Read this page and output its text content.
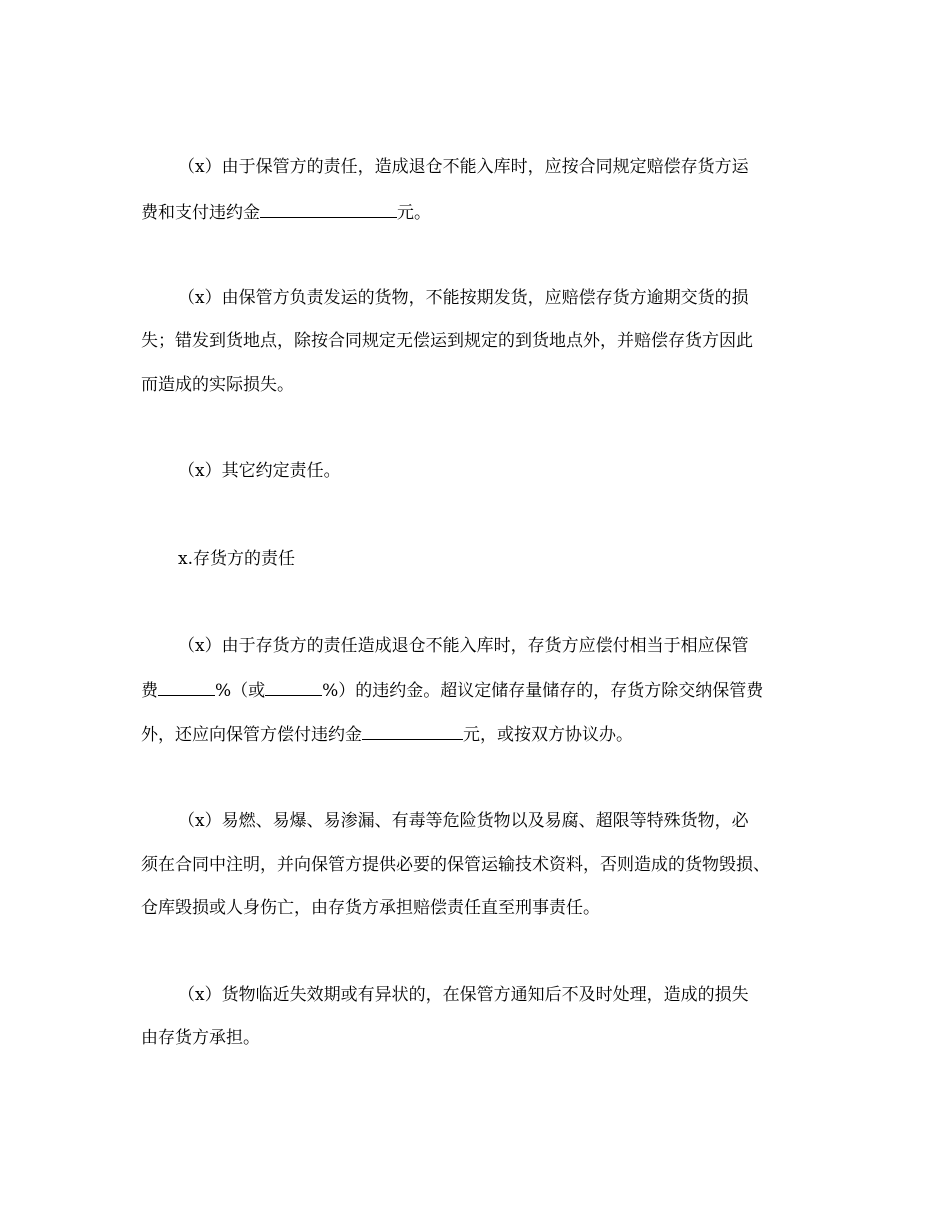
（x）由于保管方的责任，造成退仓不能入库时，应按合同规定赔偿存货方运
费和支付违约金	元。
（x）由保管方负责发运的货物，不能按期发货，应赔偿存货方逾期交货的损
失；错发到货地点，除按合同规定无偿运到规定的到货地点外，并赔偿存货方因此
而造成的实际损失。
（x）其它约定责任。
x.存货方的责任
（x）由于存货方的责任造成退仓不能入库时，存货方应偿付相当于相应保管
费	%（或	%）的违约金。超议定储存量储存的，存货方除交纳保管费
外，还应向保管方偿付违约金	元，或按双方协议办。
（x）易燃、易爆、易渗漏、有毒等危险货物以及易腐、超限等特殊货物，必
须在合同中注明，并向保管方提供必要的保管运输技术资料，否则造成的货物毁损、
仓库毁损或人身伤亡，由存货方承担赔偿责任直至刑事责任。
（x）货物临近失效期或有异状的，在保管方通知后不及时处理，造成的损失
由存货方承担。
